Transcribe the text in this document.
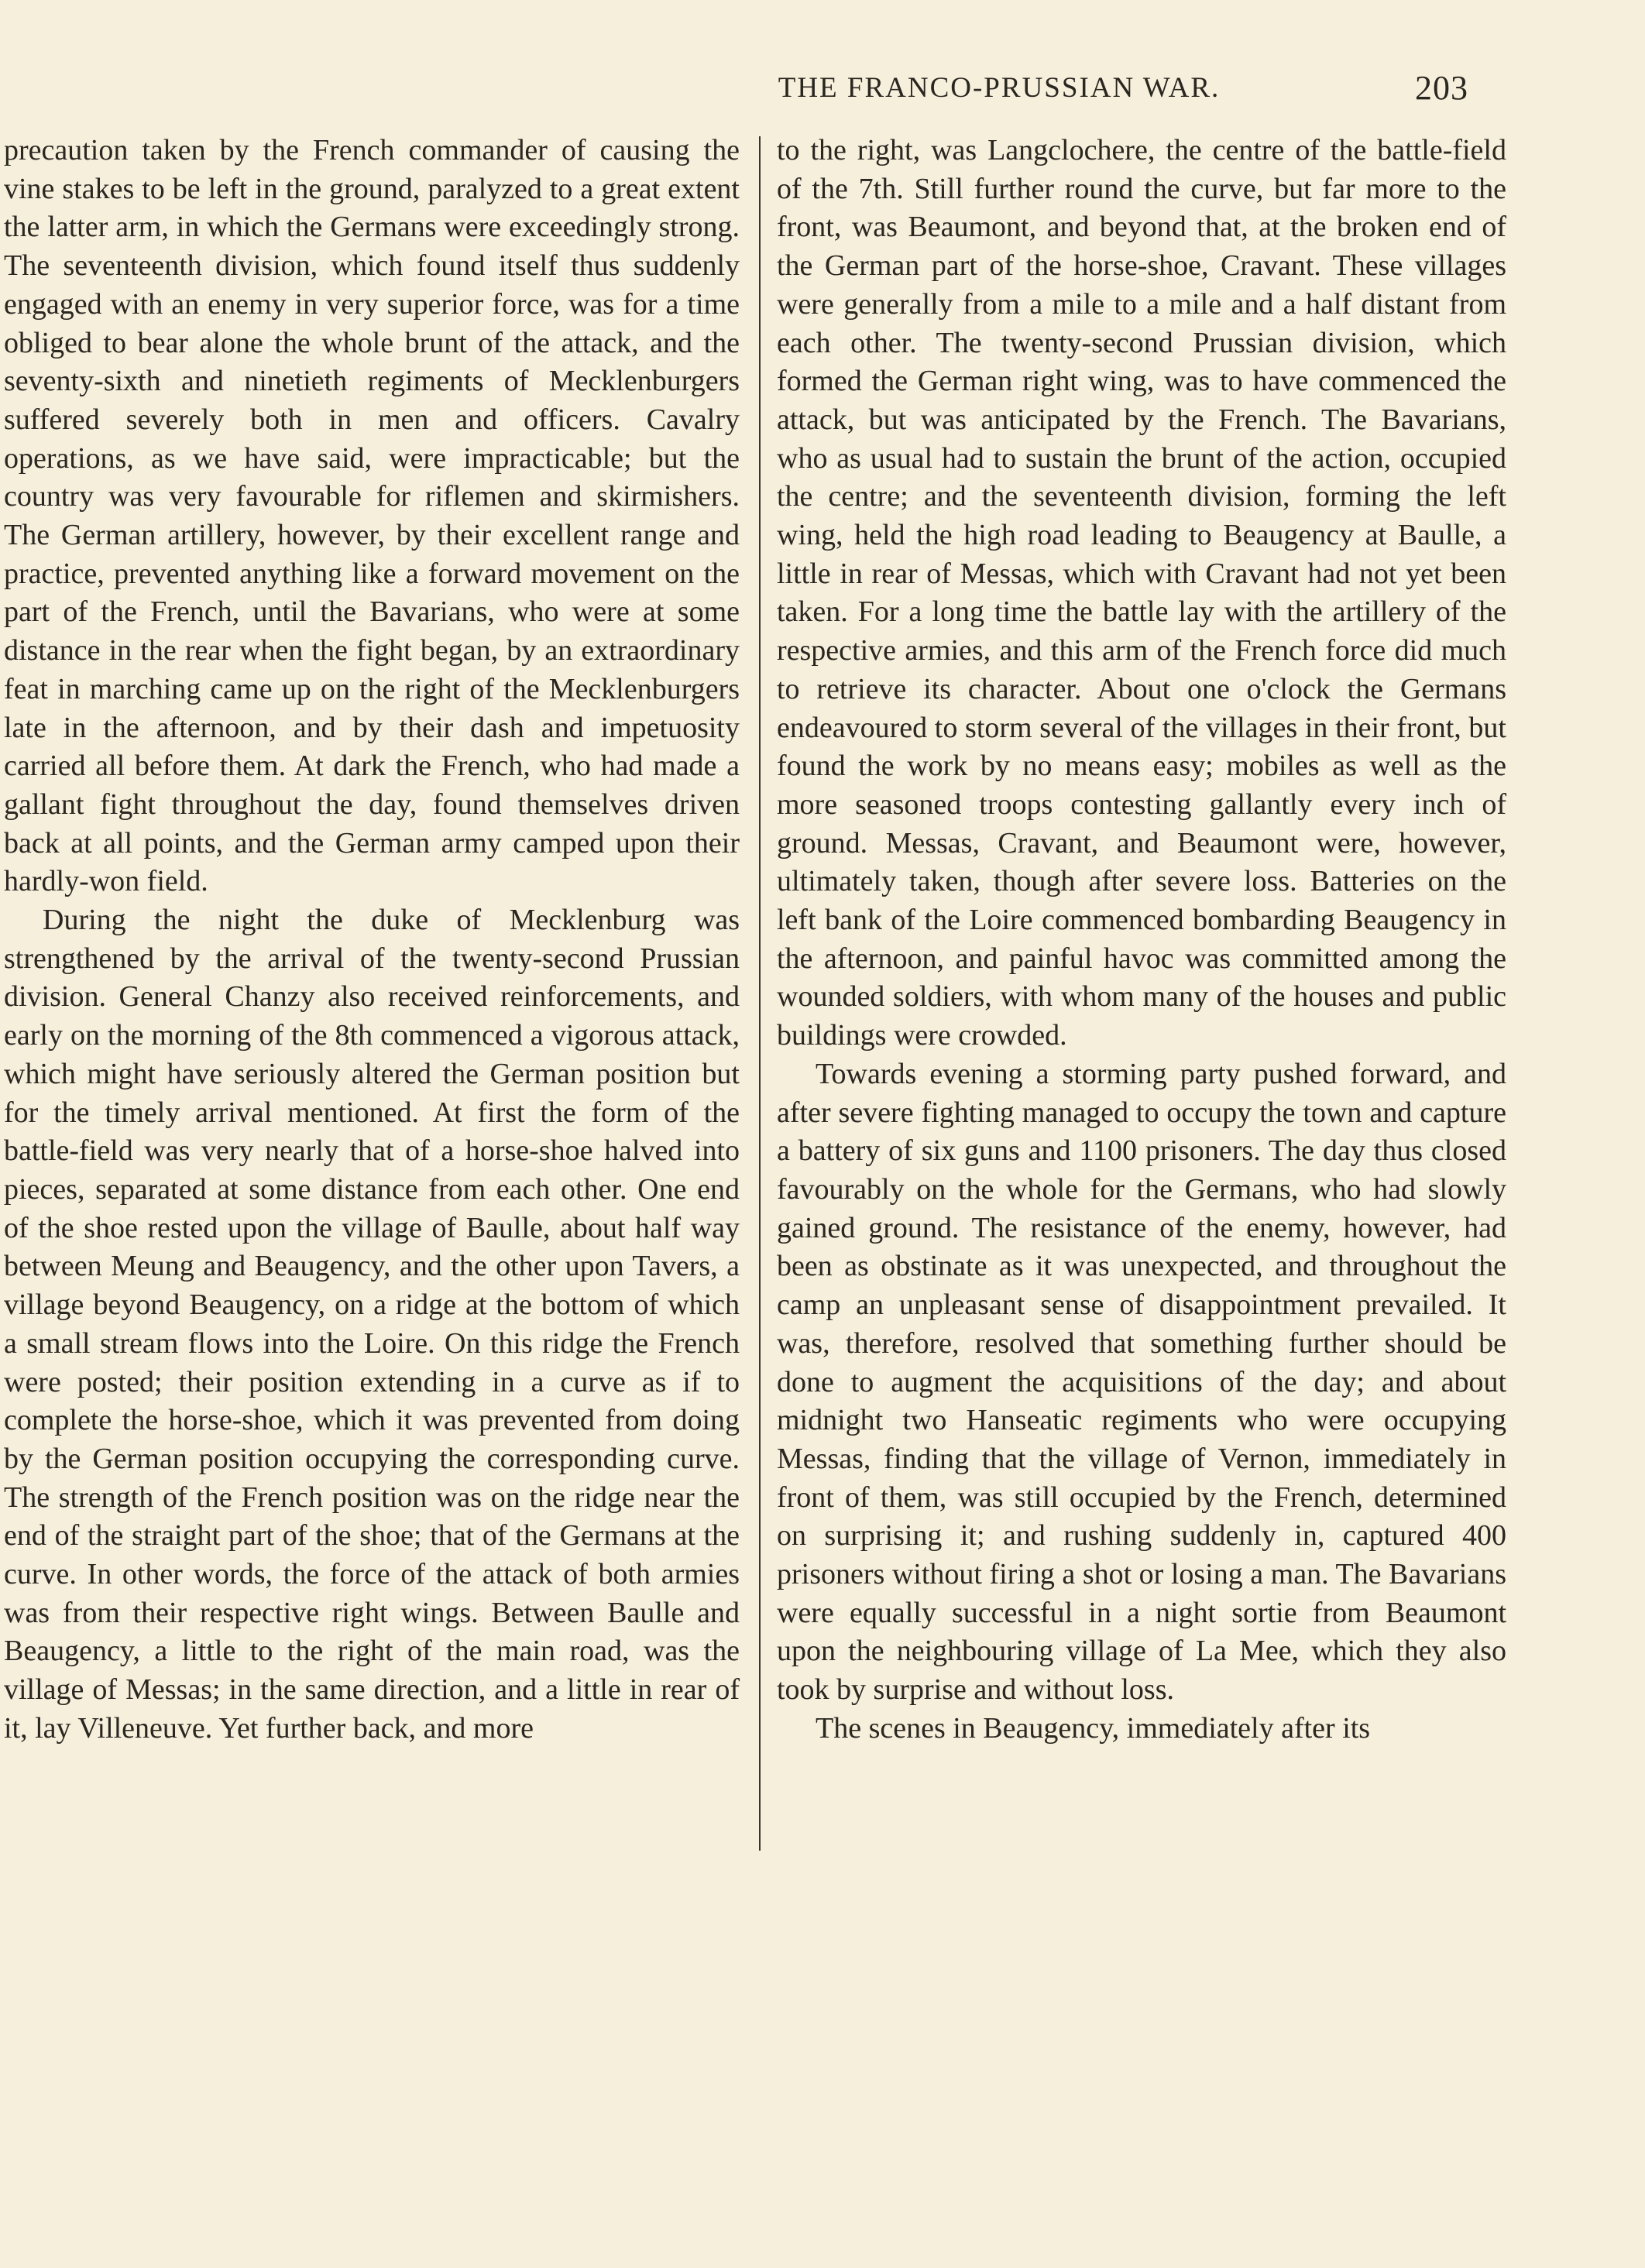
THE FRANCO-PRUSSIAN WAR.	203

precaution taken by the French commander of causing the vine stakes to be left in the ground, paralyzed to a great extent the latter arm, in which the Germans were exceedingly strong. The seventeenth division, which found itself thus suddenly engaged with an enemy in very superior force, was for a time obliged to bear alone the whole brunt of the attack, and the seventy-sixth and ninetieth regiments of Mecklenburgers suffered severely both in men and officers. Cavalry operations, as we have said, were impracticable; but the country was very favourable for riflemen and skirmishers. The German artillery, however, by their excellent range and practice, prevented anything like a forward movement on the part of the French, until the Bavarians, who were at some distance in the rear when the fight began, by an extraordinary feat in marching came up on the right of the Mecklenburgers late in the afternoon, and by their dash and impetuosity carried all before them. At dark the French, who had made a gallant fight throughout the day, found themselves driven back at all points, and the German army camped upon their hardly-won field.

During the night the duke of Mecklenburg was strengthened by the arrival of the twenty-second Prussian division. General Chanzy also received reinforcements, and early on the morning of the 8th commenced a vigorous attack, which might have seriously altered the German position but for the timely arrival mentioned. At first the form of the battle-field was very nearly that of a horse-shoe halved into pieces, separated at some distance from each other. One end of the shoe rested upon the village of Baulle, about half way between Meung and Beaugency, and the other upon Tavers, a village beyond Beaugency, on a ridge at the bottom of which a small stream flows into the Loire. On this ridge the French were posted; their position extending in a curve as if to complete the horse-shoe, which it was prevented from doing by the German position occupying the corresponding curve. The strength of the French position was on the ridge near the end of the straight part of the shoe; that of the Germans at the curve. In other words, the force of the attack of both armies was from their respective right wings. Between Baulle and Beaugency, a little to the right of the main road, was the village of Messas; in the same direction, and a little in rear of it, lay Villeneuve. Yet further back, and more

to the right, was Langclochere, the centre of the battle-field of the 7th. Still further round the curve, but far more to the front, was Beaumont, and beyond that, at the broken end of the German part of the horse-shoe, Cravant. These villages were generally from a mile to a mile and a half distant from each other. The twenty-second Prussian division, which formed the German right wing, was to have commenced the attack, but was anticipated by the French. The Bavarians, who as usual had to sustain the brunt of the action, occupied the centre; and the seventeenth division, forming the left wing, held the high road leading to Beaugency at Baulle, a little in rear of Messas, which with Cravant had not yet been taken. For a long time the battle lay with the artillery of the respective armies, and this arm of the French force did much to retrieve its character. About one o'clock the Germans endeavoured to storm several of the villages in their front, but found the work by no means easy; mobiles as well as the more seasoned troops contesting gallantly every inch of ground. Messas, Cravant, and Beaumont were, however, ultimately taken, though after severe loss. Batteries on the left bank of the Loire commenced bombarding Beaugency in the afternoon, and painful havoc was committed among the wounded soldiers, with whom many of the houses and public buildings were crowded.

Towards evening a storming party pushed forward, and after severe fighting managed to occupy the town and capture a battery of six guns and 1100 prisoners. The day thus closed favourably on the whole for the Germans, who had slowly gained ground. The resistance of the enemy, however, had been as obstinate as it was unexpected, and throughout the camp an unpleasant sense of disappointment prevailed. It was, therefore, resolved that something further should be done to augment the acquisitions of the day; and about midnight two Hanseatic regiments who were occupying Messas, finding that the village of Vernon, immediately in front of them, was still occupied by the French, determined on surprising it; and rushing suddenly in, captured 400 prisoners without firing a shot or losing a man. The Bavarians were equally successful in a night sortie from Beaumont upon the neighbouring village of La Mee, which they also took by surprise and without loss.

The scenes in Beaugency, immediately after its
